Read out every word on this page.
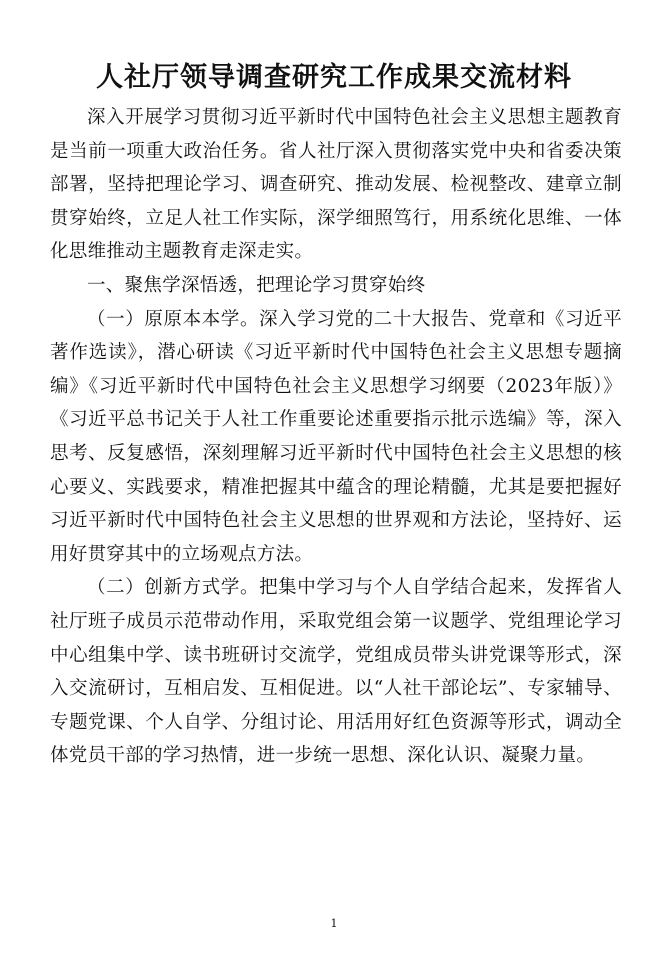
人社厅领导调查研究工作成果交流材料

深入开展学习贯彻习近平新时代中国特色社会主义思想主题教育是当前一项重大政治任务。省人社厅深入贯彻落实党中央和省委决策部署，坚持把理论学习、调查研究、推动发展、检视整改、建章立制贯穿始终，立足人社工作实际，深学细照笃行，用系统化思维、一体化思维推动主题教育走深走实。

一、聚焦学深悟透，把理论学习贯穿始终

（一）原原本本学。深入学习党的二十大报告、党章和《习近平著作选读》，潜心研读《习近平新时代中国特色社会主义思想专题摘编》《习近平新时代中国特色社会主义思想学习纲要（2023年版）》《习近平总书记关于人社工作重要论述重要指示批示选编》等，深入思考、反复感悟，深刻理解习近平新时代中国特色社会主义思想的核心要义、实践要求，精准把握其中蕴含的理论精髓，尤其是要把握好习近平新时代中国特色社会主义思想的世界观和方法论，坚持好、运用好贯穿其中的立场观点方法。

（二）创新方式学。把集中学习与个人自学结合起来，发挥省人社厅班子成员示范带动作用，采取党组会第一议题学、党组理论学习中心组集中学、读书班研讨交流学，党组成员带头讲党课等形式，深入交流研讨，互相启发、互相促进。以“人社干部论坛”、专家辅导、专题党课、个人自学、分组讨论、用活用好红色资源等形式，调动全体党员干部的学习热情，进一步统一思想、深化认识、凝聚力量。

1
